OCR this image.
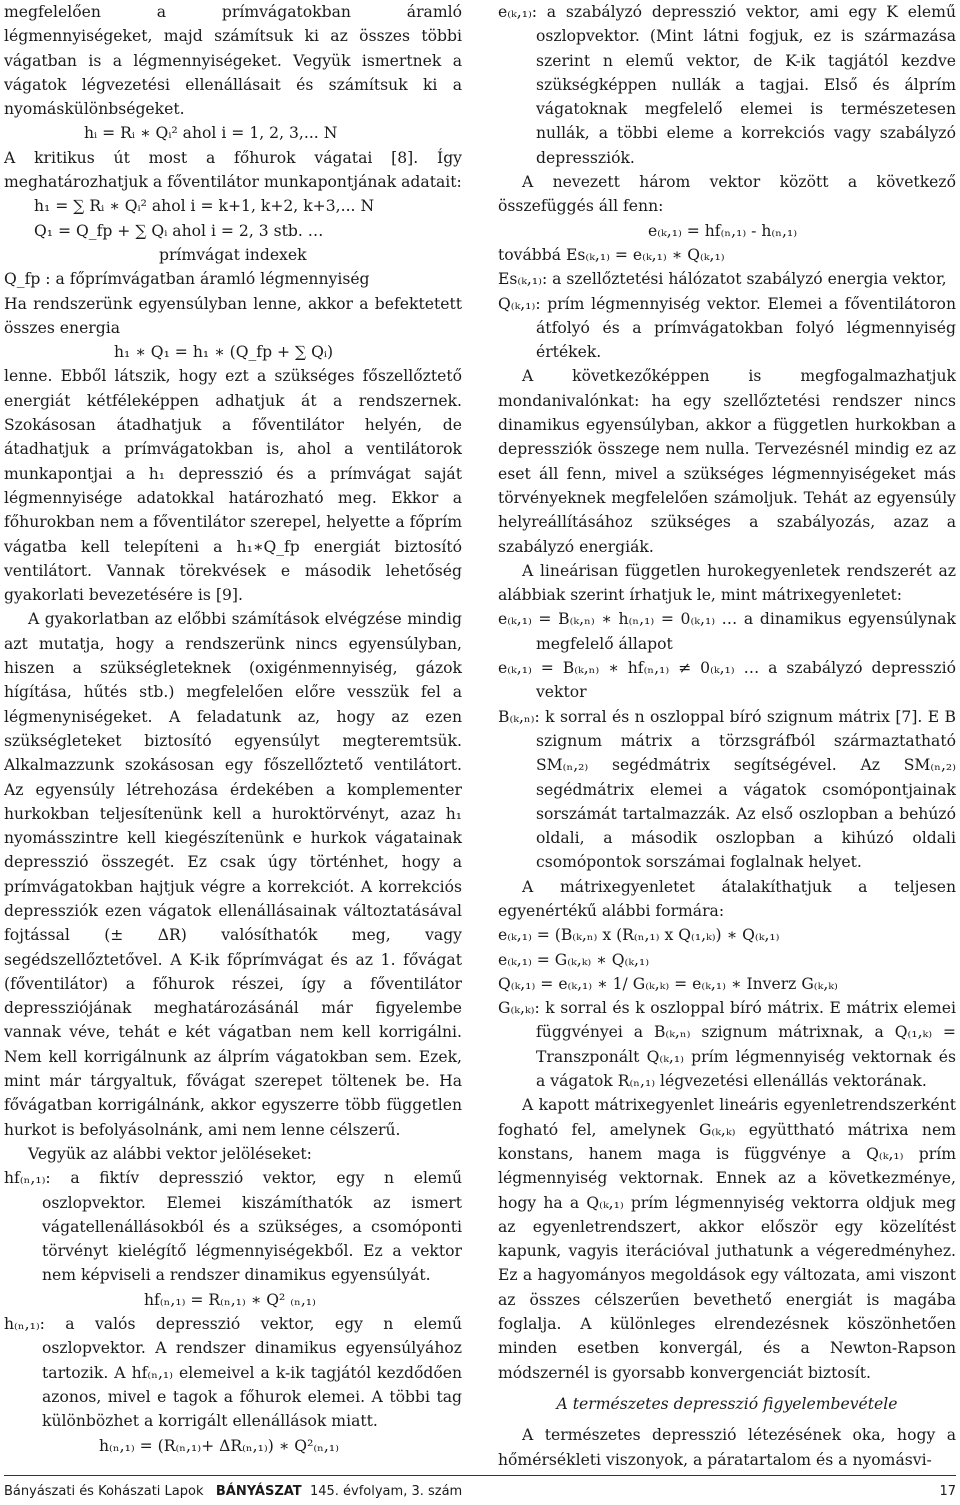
megfelelően a prímvágatokban áramló légmennyiségeket, majd számítsuk ki az összes többi vágatban is a légmennyiségeket. Vegyük ismertnek a vágatok légvezetési ellenállásait és számítsuk ki a nyomáskülönbségeket.

hᵢ = Rᵢ ∗ Qᵢ² ahol i = 1, 2, 3,... N

A kritikus út most a főhurok vágatai [8]. Így meghatározhatjuk a főventilátor munkapontjának adatait:

h₁ = ∑ Rᵢ ∗ Qᵢ² ahol i = k+1, k+2, k+3,... N

Q₁ = Q_fp + ∑ Qᵢ ahol i = 2, 3 stb. …

prímvágat indexek

Q_fp : a főprímvágatban áramló légmennyiség

Ha rendszerünk egyensúlyban lenne, akkor a befektetett összes energia

h₁ ∗ Q₁ = h₁ ∗ (Q_fp + ∑ Qᵢ)

lenne. Ebből látszik, hogy ezt a szükséges főszellőztető energiát kétféleképpen adhatjuk át a rendszernek. Szokásosan átadhatjuk a főventilátor helyén, de átadhatjuk a prímvágatokban is, ahol a ventilátorok munkapontjai a h₁ depresszió és a prímvágat saját légmennyisége adatokkal határozható meg. Ekkor a főhurokban nem a főventilátor szerepel, helyette a főprím vágatba kell telepíteni a h₁∗Q_fp energiát biztosító ventilátort. Vannak törekvések e második lehetőség gyakorlati bevezetésére is [9].

A gyakorlatban az előbbi számítások elvégzése mindig azt mutatja, hogy a rendszerünk nincs egyensúlyban, hiszen a szükségleteknek (oxigénmennyiség, gázok hígítása, hűtés stb.) megfelelően előre vesszük fel a légmenyniségeket. A feladatunk az, hogy az ezen szükségleteket biztosító egyensúlyt megteremtsük. Alkalmazzunk szokásosan egy főszellőztető ventilátort. Az egyensúly létrehozása érdekében a komplementer hurkokban teljesítenünk kell a huroktörvényt, azaz h₁ nyomásszintre kell kiegészítenünk e hurkok vágatainak depresszió összegét. Ez csak úgy történhet, hogy a prímvágatokban hajtjuk végre a korrekciót. A korrekciós depressziók ezen vágatok ellenállásainak változtatásával fojtással (± ΔR) valósíthatók meg, vagy segédszellőztetővel. A K-ik főprímvágat és az 1. fővágat (főventilátor) a főhurok részei, így a főventilátor depressziójának meghatározásánál már figyelembe vannak véve, tehát e két vágatban nem kell korrigálni. Nem kell korrigálnunk az álprím vágatokban sem. Ezek, mint már tárgyaltuk, fővágat szerepet töltenek be. Ha fővágatban korrigálnánk, akkor egyszerre több független hurkot is befolyásolnánk, ami nem lenne célszerű.

Vegyük az alábbi vektor jelöléseket:

hf₍ₙ,₁₎: a fiktív depresszió vektor, egy n elemű oszlopvektor. Elemei kiszámíthatók az ismert vágatellenállásokból és a szükséges, a csomóponti törvényt kielégítő légmennyiségekből. Ez a vektor nem képviseli a rendszer dinamikus egyensúlyát.

hf₍ₙ,₁₎ = R₍ₙ,₁₎ ∗ Q² ₍ₙ,₁₎

h₍ₙ,₁₎: a valós depresszió vektor, egy n elemű oszlopvektor. A rendszer dinamikus egyensúlyához tartozik. A hf₍ₙ,₁₎ elemeivel a k-ik tagjától kezdődően azonos, mivel e tagok a főhurok elemei. A többi tag különbözhet a korrigált ellenállások miatt.

h₍ₙ,₁₎ = (R₍ₙ,₁₎+ ΔR₍ₙ,₁₎) ∗ Q²₍ₙ,₁₎

e₍ₖ,₁₎: a szabályzó depresszió vektor, ami egy K elemű oszlopvektor. (Mint látni fogjuk, ez is származása szerint n elemű vektor, de K-ik tagjától kezdve szükségképpen nullák a tagjai. Első és álprím vágatoknak megfelelő elemei is természetesen nullák, a többi eleme a korrekciós vagy szabályzó depressziók.

A nevezett három vektor között a következő összefüggés áll fenn:

e₍ₖ,₁₎ = hf₍ₙ,₁₎ - h₍ₙ,₁₎

továbbá Es₍ₖ,₁₎ = e₍ₖ,₁₎ ∗ Q₍ₖ,₁₎

Es₍ₖ,₁₎: a szellőztetési hálózatot szabályzó energia vektor,

Q₍ₖ,₁₎: prím légmennyiség vektor. Elemei a főventilátoron átfolyó és a prímvágatokban folyó légmennyiség értékek.

A következőképpen is megfogalmazhatjuk mondanivalónkat: ha egy szellőztetési rendszer nincs dinamikus egyensúlyban, akkor a független hurkokban a depressziók összege nem nulla. Tervezésnél mindig ez az eset áll fenn, mivel a szükséges légmennyiségeket más törvényeknek megfelelően számoljuk. Tehát az egyensúly helyreállításához szükséges a szabályozás, azaz a szabályzó energiák.

A lineárisan független hurokegyenletek rendszerét az alábbiak szerint írhatjuk le, mint mátrixegyenletet:

e₍ₖ,₁₎ = B₍ₖ,ₙ₎ ∗ h₍ₙ,₁₎ = 0₍ₖ,₁₎ … a dinamikus egyensúlynak megfelelő állapot

e₍ₖ,₁₎ = B₍ₖ,ₙ₎ ∗ hf₍ₙ,₁₎ ≠ 0₍ₖ,₁₎ … a szabályzó depresszió vektor

B₍ₖ,ₙ₎: k sorral és n oszloppal bíró szignum mátrix [7]. E B szignum mátrix a törzsgráfból származtatható SM₍ₙ,₂₎ segédmátrix segítségével. Az SM₍ₙ,₂₎ segédmátrix elemei a vágatok csomópontjainak sorszámát tartalmazzák. Az első oszlopban a behúzó oldali, a második oszlopban a kihúzó oldali csomópontok sorszámai foglalnak helyet.

A mátrixegyenletet átalakíthatjuk a teljesen egyenértékű alábbi formára:

e₍ₖ,₁₎ = (B₍ₖ,ₙ₎ x (R₍ₙ,₁₎ x Q₍₁,ₖ₎) ∗ Q₍ₖ,₁₎

e₍ₖ,₁₎ = G₍ₖ,ₖ₎ ∗ Q₍ₖ,₁₎

Q₍ₖ,₁₎ = e₍ₖ,₁₎ ∗ 1/ G₍ₖ,ₖ₎ = e₍ₖ,₁₎ ∗ Inverz G₍ₖ,ₖ₎

G₍ₖ,ₖ₎: k sorral és k oszloppal bíró mátrix. E mátrix elemei függvényei a B₍ₖ,ₙ₎ szignum mátrixnak, a Q₍₁,ₖ₎ = Transzponált Q₍ₖ,₁₎ prím légmennyiség vektornak és a vágatok R₍ₙ,₁₎ légvezetési ellenállás vektorának.

A kapott mátrixegyenlet lineáris egyenletrendszerként fogható fel, amelynek G₍ₖ,ₖ₎ együttható mátrixa nem konstans, hanem maga is függvénye a Q₍ₖ,₁₎ prím légmennyiség vektornak. Ennek az a következménye, hogy ha a Q₍ₖ,₁₎ prím légmennyiség vektorra oldjuk meg az egyenletrendszert, akkor először egy közelítést kapunk, vagyis iterációval juthatunk a végeredményhez. Ez a hagyományos megoldások egy változata, ami viszont az összes célszerűen bevethető energiát is magába foglalja. A különleges elrendezésnek köszönhetően minden esetben konvergál, és a Newton-Rapson módszernél is gyorsabb konvergenciát biztosít.

A természetes depresszió figyelembevétele

A természetes depresszió létezésének oka, hogy a hőmérsékleti viszonyok, a páratartalom és a nyomásvi-

Bányászati és Kohászati Lapok BÁNYÁSZAT 145. évfolyam, 3. szám	17
